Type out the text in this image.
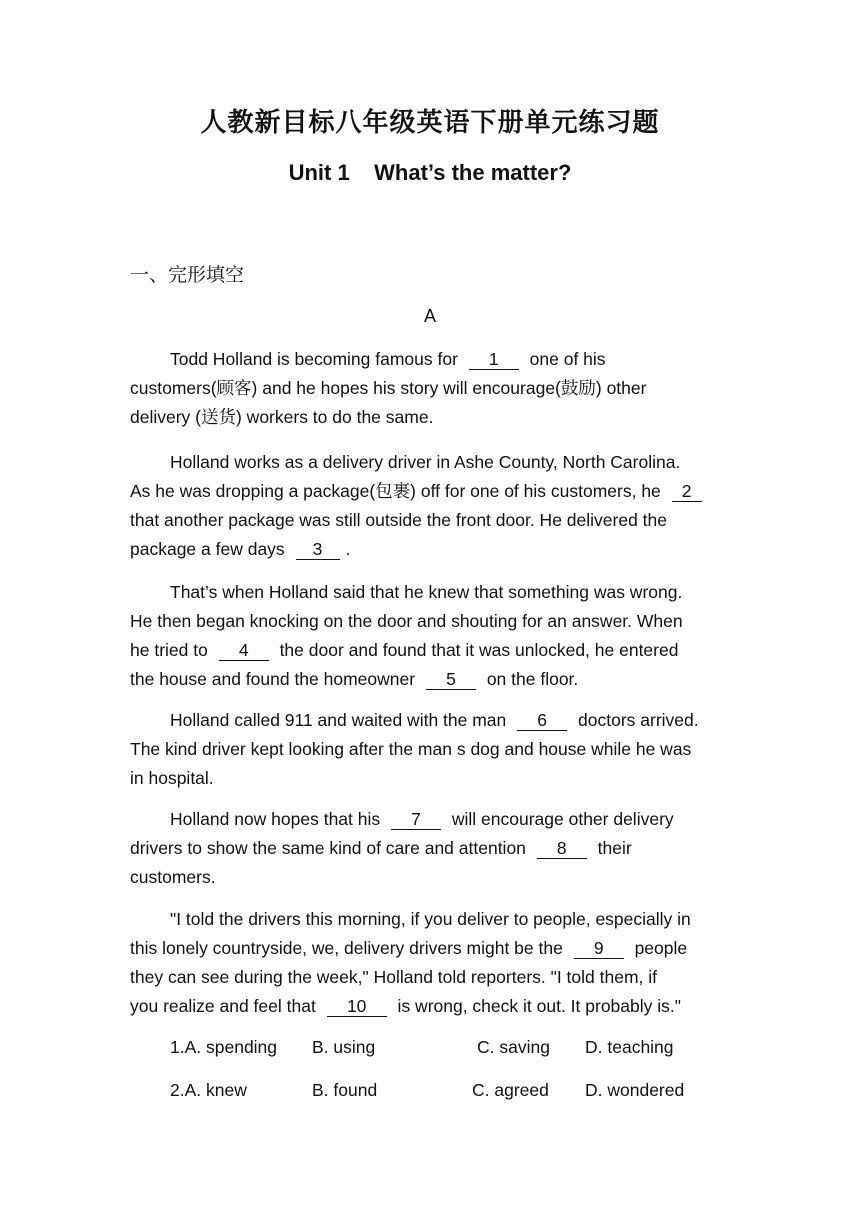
人教新目标八年级英语下册单元练习题
Unit 1    What’s the matter?
一、完形填空
A
Todd Holland is becoming famous for 1 one of his
customers(顾客) and he hopes his story will encourage(鼓励) other
delivery (送货) workers to do the same.
Holland works as a delivery driver in Ashe County, North Carolina.
As he was dropping a package(包裹) off for one of his customers, he 2
that another package was still outside the front door. He delivered the
package a few days 3 .
That’s when Holland said that he knew that something was wrong.
He then began knocking on the door and shouting for an answer. When
he tried to 4 the door and found that it was unlocked, he entered
the house and found the homeowner 5 on the floor.
Holland called 911 and waited with the man 6 doctors arrived.
The kind driver kept looking after the man s dog and house while he was
in hospital.
Holland now hopes that his 7 will encourage other delivery
drivers to show the same kind of care and attention 8 their
customers.
"I told the drivers this morning, if you deliver to people, especially in
this lonely countryside, we, delivery drivers might be the 9 people
they can see during the week," Holland told reporters. "I told them, if
you realize and feel that 10 is wrong, check it out. It probably is."
1.A. spending B. using	C. saving D. teaching
2.A. knew	B. found	C. agreed D. wondered
